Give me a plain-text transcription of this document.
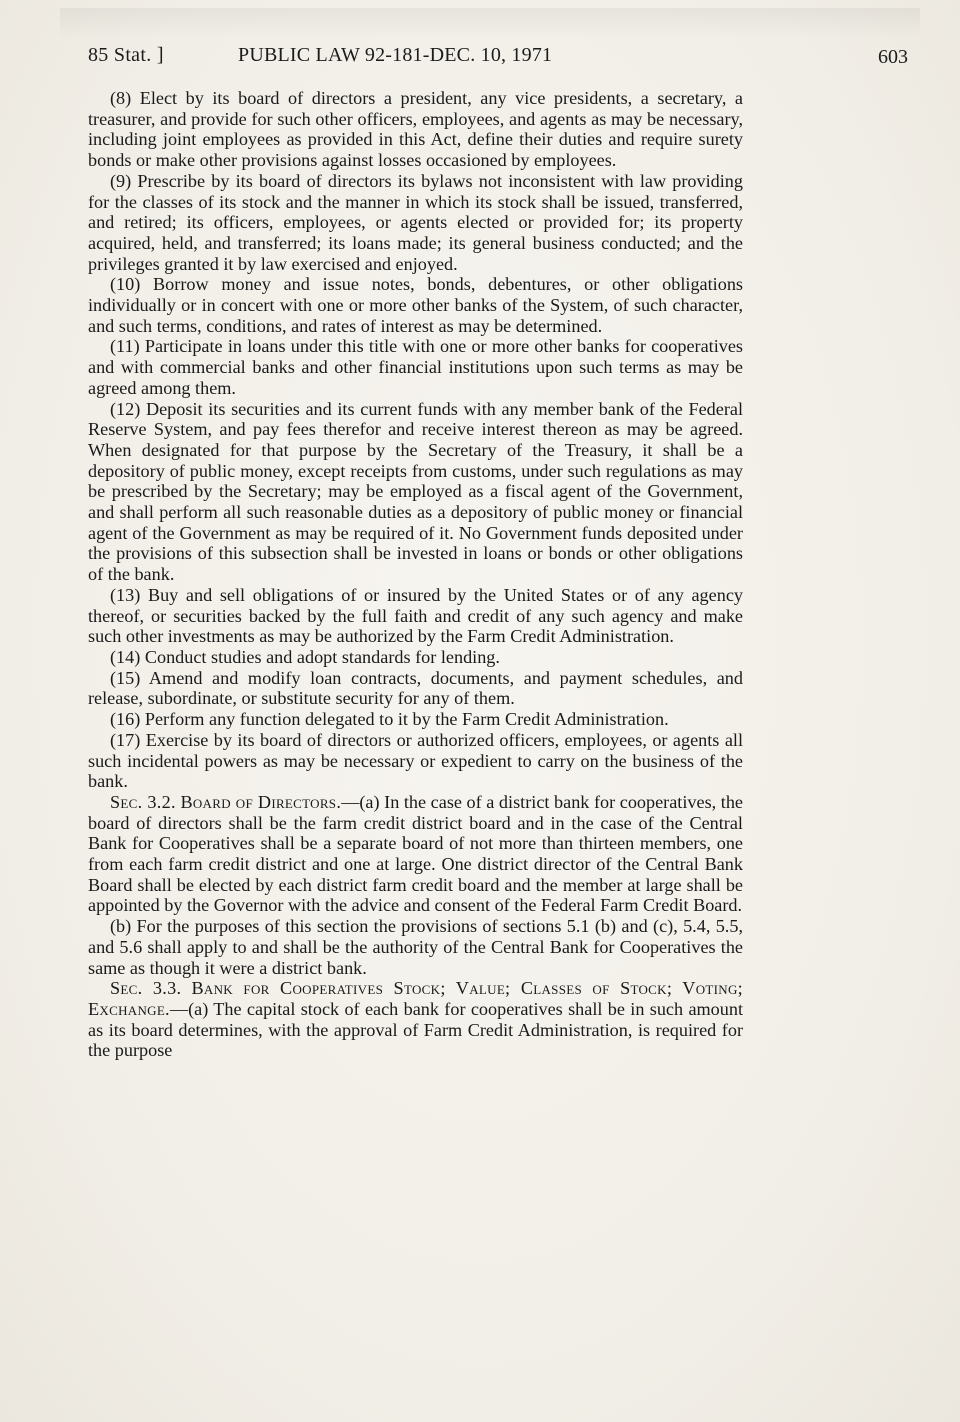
85 Stat. ]	PUBLIC LAW 92-181-DEC. 10, 1971	603

(8) Elect by its board of directors a president, any vice presidents, a secretary, a treasurer, and provide for such other officers, employees, and agents as may be necessary, including joint employees as provided in this Act, define their duties and require surety bonds or make other provisions against losses occasioned by employees.

(9) Prescribe by its board of directors its bylaws not inconsistent with law providing for the classes of its stock and the manner in which its stock shall be issued, transferred, and retired; its officers, employees, or agents elected or provided for; its property acquired, held, and transferred; its loans made; its general business conducted; and the privileges granted it by law exercised and enjoyed.

(10) Borrow money and issue notes, bonds, debentures, or other obligations individually or in concert with one or more other banks of the System, of such character, and such terms, conditions, and rates of interest as may be determined.

(11) Participate in loans under this title with one or more other banks for cooperatives and with commercial banks and other financial institutions upon such terms as may be agreed among them.

(12) Deposit its securities and its current funds with any member bank of the Federal Reserve System, and pay fees therefor and receive interest thereon as may be agreed. When designated for that purpose by the Secretary of the Treasury, it shall be a depository of public money, except receipts from customs, under such regulations as may be prescribed by the Secretary; may be employed as a fiscal agent of the Government, and shall perform all such reasonable duties as a depository of public money or financial agent of the Government as may be required of it. No Government funds deposited under the provisions of this subsection shall be invested in loans or bonds or other obligations of the bank.

(13) Buy and sell obligations of or insured by the United States or of any agency thereof, or securities backed by the full faith and credit of any such agency and make such other investments as may be authorized by the Farm Credit Administration.

(14) Conduct studies and adopt standards for lending.

(15) Amend and modify loan contracts, documents, and payment schedules, and release, subordinate, or substitute security for any of them.

(16) Perform any function delegated to it by the Farm Credit Administration.

(17) Exercise by its board of directors or authorized officers, employees, or agents all such incidental powers as may be necessary or expedient to carry on the business of the bank.

Sec. 3.2. Board of Directors.—(a) In the case of a district bank for cooperatives, the board of directors shall be the farm credit district board and in the case of the Central Bank for Cooperatives shall be a separate board of not more than thirteen members, one from each farm credit district and one at large. One district director of the Central Bank Board shall be elected by each district farm credit board and the member at large shall be appointed by the Governor with the advice and consent of the Federal Farm Credit Board.

(b) For the purposes of this section the provisions of sections 5.1 (b) and (c), 5.4, 5.5, and 5.6 shall apply to and shall be the authority of the Central Bank for Cooperatives the same as though it were a district bank.

Sec. 3.3. Bank for Cooperatives Stock; Value; Classes of Stock; Voting; Exchange.—(a) The capital stock of each bank for cooperatives shall be in such amount as its board determines, with the approval of Farm Credit Administration, is required for the purpose
